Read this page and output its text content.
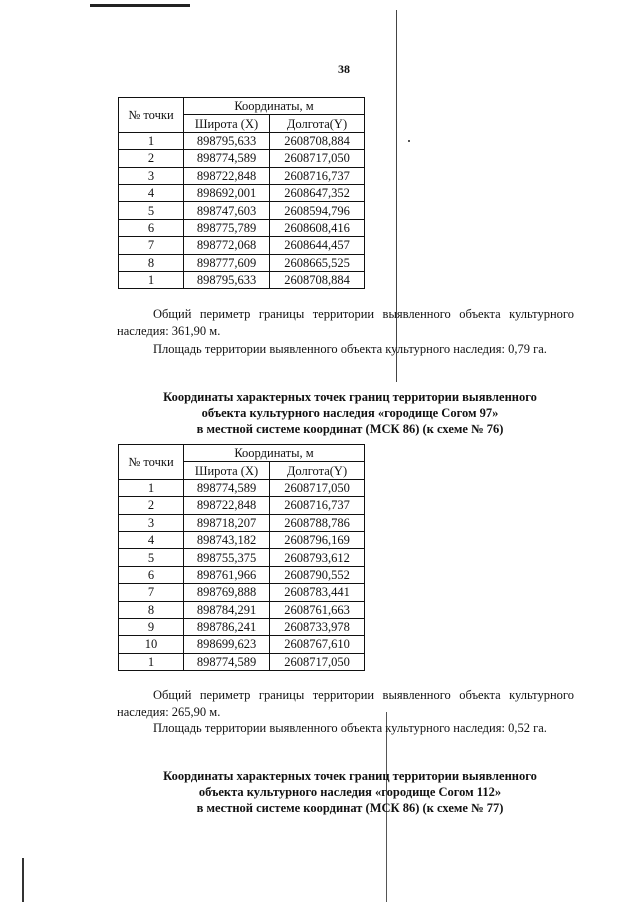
38
№ точки	Координаты, м	
	Широта (X)	Долгота(Y)
1	898795,633	2608708,884
2	898774,589	2608717,050
3	898722,848	2608716,737
4	898692,001	2608647,352
5	898747,603	2608594,796
6	898775,789	2608608,416
7	898772,068	2608644,457
8	898777,609	2608665,525
1	898795,633	2608708,884
Общий периметр границы территории выявленного объекта культурного наследия: 361,90 м.
Площадь территории выявленного объекта культурного наследия: 0,79 га.
Координаты характерных точек границ территории выявленного
объекта культурного наследия «городище Согом 97»
в местной системе координат (МСК 86) (к схеме № 76)
№ точки	Координаты, м	
	Широта (X)	Долгота(Y)
1	898774,589	2608717,050
2	898722,848	2608716,737
3	898718,207	2608788,786
4	898743,182	2608796,169
5	898755,375	2608793,612
6	898761,966	2608790,552
7	898769,888	2608783,441
8	898784,291	2608761,663
9	898786,241	2608733,978
10	898699,623	2608767,610
1	898774,589	2608717,050
Общий периметр границы территории выявленного объекта культурного наследия: 265,90 м.
Площадь территории выявленного объекта культурного наследия: 0,52 га.
Координаты характерных точек границ территории выявленного
объекта культурного наследия «городище Согом 112»
в местной системе координат (МСК 86) (к схеме № 77)
